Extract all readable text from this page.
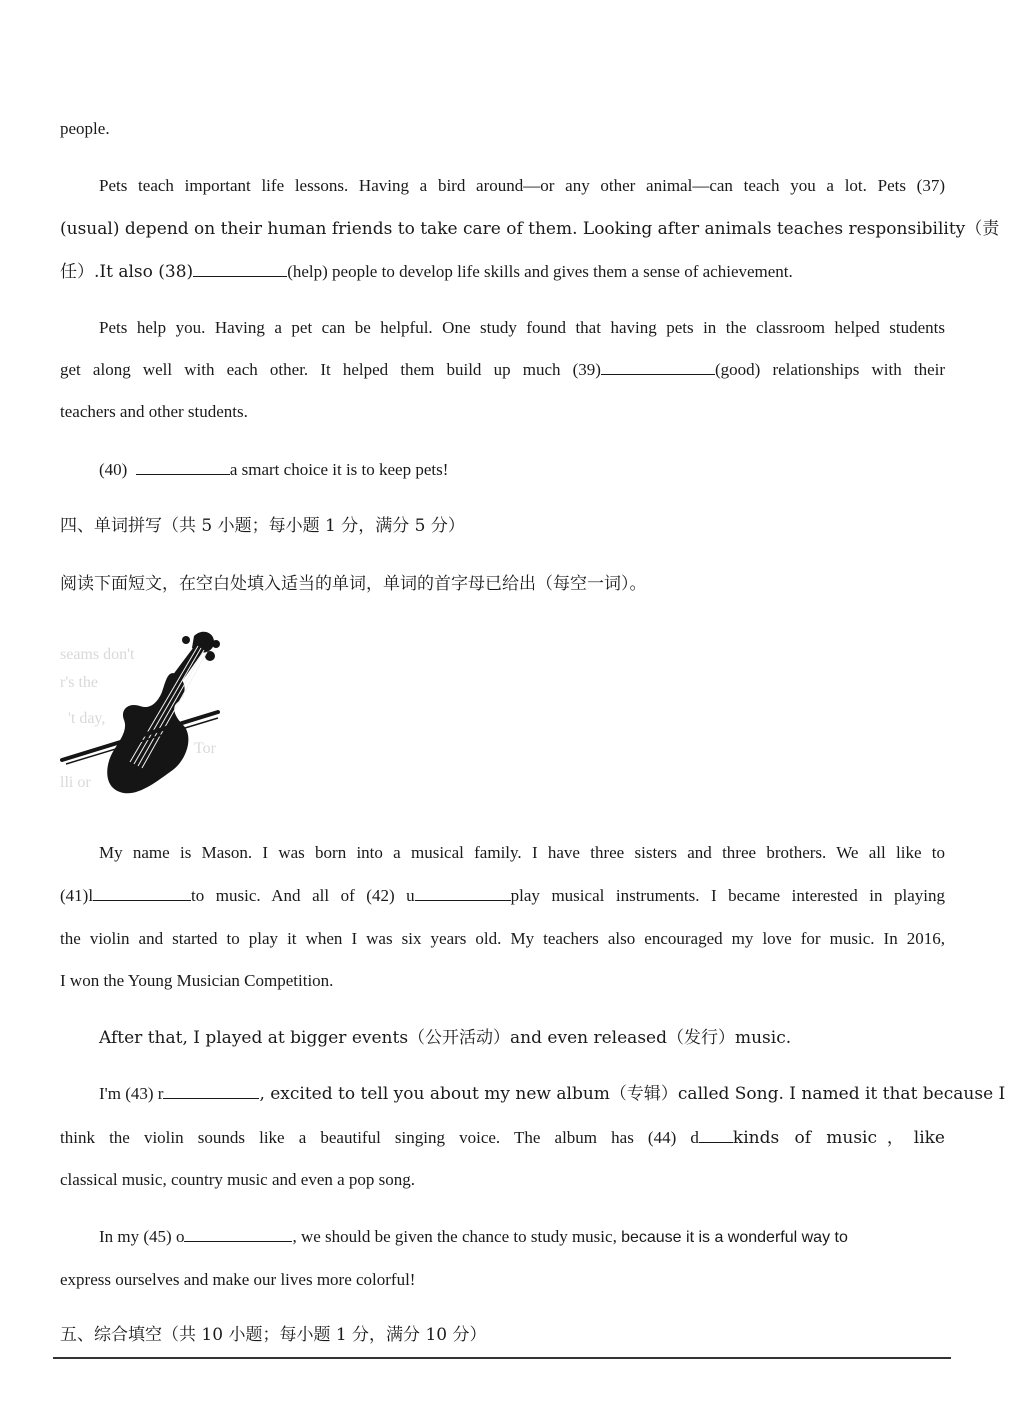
people.
Pets teach important life lessons. Having a bird around—or any other animal—can teach you a lot. Pets (37)
(usual) depend on their human friends to take care of them. Looking after animals teaches responsibility（责
任）.It also (38)	(help) people to develop life skills and gives them a sense of achievement.
Pets help you. Having a pet can be helpful. One study found that having pets in the classroom helped students
get along well with each other. It helped them build up much (39)	(good) relationships with their
teachers and other students.
(40)	a smart choice it is to keep pets!
四、单词拼写（共 5 小题；每小题 1 分，满分 5 分）
阅读下面短文，在空白处填入适当的单词，单词的首字母已给出（每空一词）。
seams don't
r's the
't day,
Tor
lli or
My name is Mason. I was born into a musical family. I have three sisters and three brothers. We all like to
(41)l	to music. And all of (42) u	play musical instruments. I became interested in playing
the violin and started to play it when I was six years old. My teachers also encouraged my love for music. In 2016,
I won the Young Musician Competition.
After that, I played at bigger events（公开活动）and even released（发行）music.
I'm (43) r	, excited to tell you about my new album（专辑）called Song. I named it that because I
think the violin sounds like a beautiful singing voice. The album has (44) d kinds of music，like
classical music, country music and even a pop song.
In my (45) o	, we should be given the chance to study music, because it is a wonderful way to
express ourselves and make our lives more colorful!
五、综合填空（共 10 小题；每小题 1 分，满分 10 分）
